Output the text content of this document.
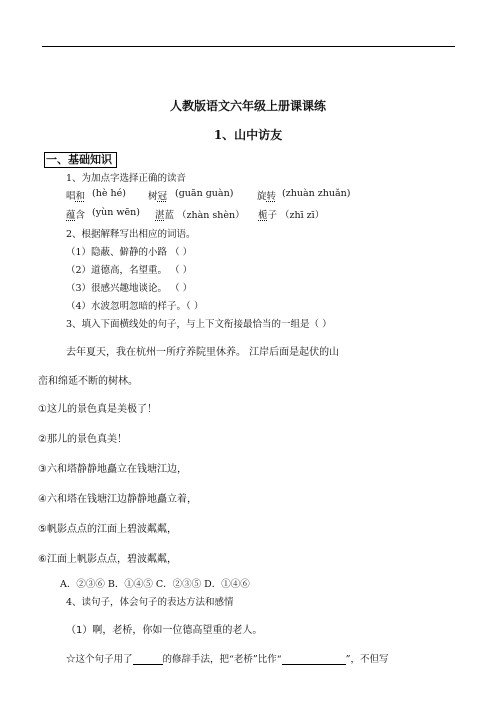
人教版语文六年级上册课课练
1、山中访友
一、基础知识
1、为加点字选择正确的读音
唱和 (hè hé) 树冠 (ɡuān ɡuàn) 旋转 (zhuàn zhuǎn)
蕴含 (yùn wēn) 湛蓝 （zhàn shèn） 栀子 （zhī zī）
2、根据解释写出相应的词语。
（1）隐蔽、僻静的小路 （ ）
（2）道德高，名望重。 （ ）
（3）很感兴趣地谈论。 （ ）
（4）水波忽明忽暗的样子。（ ）
3、填入下面横线处的句子，与上下文衔接最恰当的一组是（ ）
去年夏天，我在杭州一所疗养院里休养。 江岸后面是起伏的山
峦和绵延不断的树林。
①这儿的景色真是美极了！
②那儿的景色真美！
③六和塔静静地矗立在钱塘江边，
④六和塔在钱塘江边静静地矗立着，
⑤帆影点点的江面上碧波粼粼，
⑥江面上帆影点点，碧波粼粼，
A．②③⑥ B．①④⑤ C．②③⑤ D．①④⑥
4、读句子，体会句子的表达方法和感情
（1）啊，老桥，你如一位德高望重的老人。
☆这个句子用了	的修辞手法，把“老桥”比作“	”，不但写
